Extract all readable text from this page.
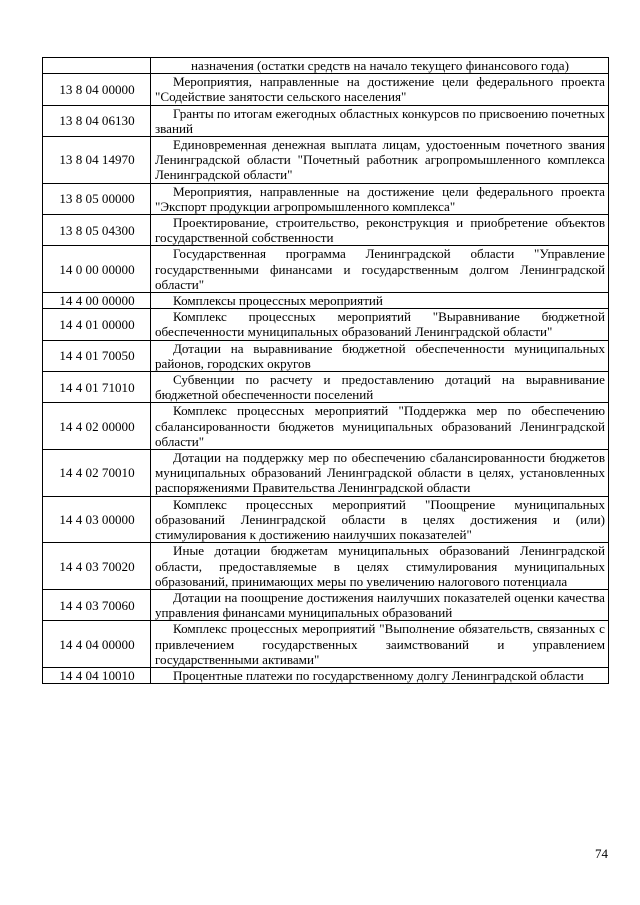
	назначения (остатки средств на начало текущего финансового года)
13 8 04 00000	Мероприятия, направленные на достижение цели федерального проекта "Содействие занятости сельского населения"
13 8 04 06130	Гранты по итогам ежегодных областных конкурсов по присвоению почетных званий
13 8 04 14970	Единовременная денежная выплата лицам, удостоенным почетного звания Ленинградской области "Почетный работник агропромышленного комплекса Ленинградской области"
13 8 05 00000	Мероприятия, направленные на достижение цели федерального проекта "Экспорт продукции агропромышленного комплекса"
13 8 05 04300	Проектирование, строительство, реконструкция и приобретение объектов государственной собственности
14 0 00 00000	Государственная программа Ленинградской области "Управление государственными финансами и государственным долгом Ленинградской области"
14 4 00 00000	Комплексы процессных мероприятий
14 4 01 00000	Комплекс процессных мероприятий "Выравнивание бюджетной обеспеченности муниципальных образований Ленинградской области"
14 4 01 70050	Дотации на выравнивание бюджетной обеспеченности муниципальных районов, городских округов
14 4 01 71010	Субвенции по расчету и предоставлению дотаций на выравнивание бюджетной обеспеченности поселений
14 4 02 00000	Комплекс процессных мероприятий "Поддержка мер по обеспечению сбалансированности бюджетов муниципальных образований Ленинградской области"
14 4 02 70010	Дотации на поддержку мер по обеспечению сбалансированности бюджетов муниципальных образований Ленинградской области в целях, установленных распоряжениями Правительства Ленинградской области
14 4 03 00000	Комплекс процессных мероприятий "Поощрение муниципальных образований Ленинградской области в целях достижения и (или) стимулирования к достижению наилучших показателей"
14 4 03 70020	Иные дотации бюджетам муниципальных образований Ленинградской области, предоставляемые в целях стимулирования муниципальных образований, принимающих меры по увеличению налогового потенциала
14 4 03 70060	Дотации на поощрение достижения наилучших показателей оценки качества управления финансами муниципальных образований
14 4 04 00000	Комплекс процессных мероприятий "Выполнение обязательств, связанных с привлечением государственных заимствований и управлением государственными активами"
14 4 04 10010	Процентные платежи по государственному долгу Ленинградской области
74
